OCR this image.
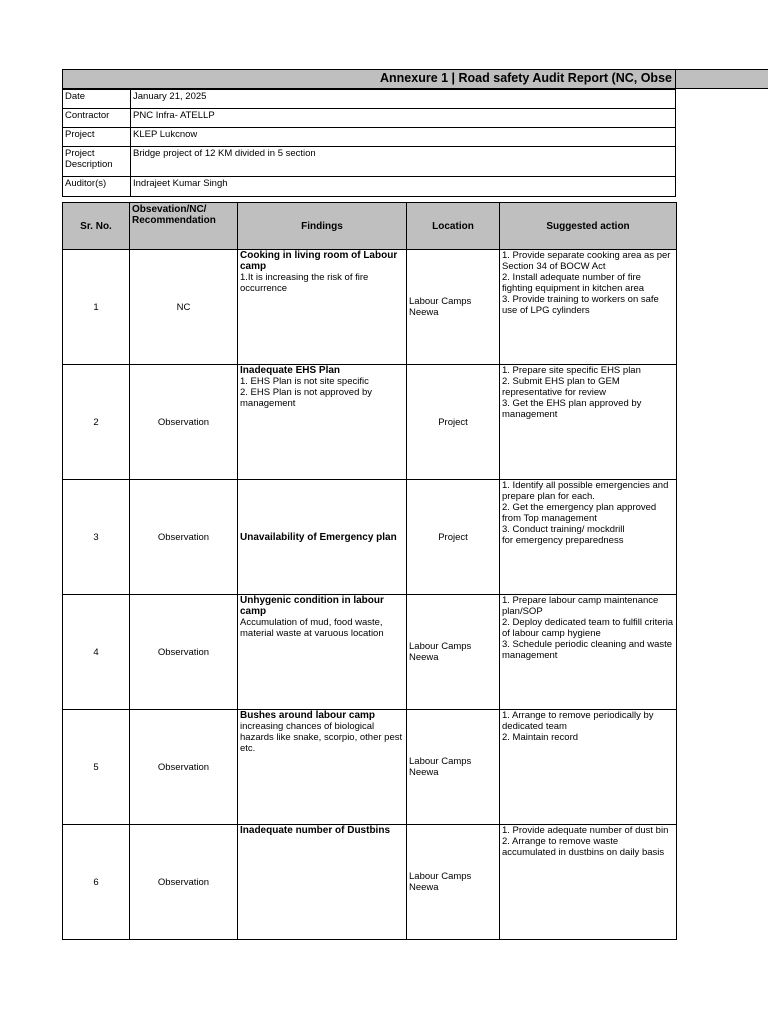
Annexure 1 | Road safety Audit Report (NC, Obse
Date	January 21, 2025
Contractor	PNC Infra- ATELLP
Project	KLEP Lukcnow
Project Description	Bridge project of 12 KM divided in 5 section
Auditor(s)	Indrajeet Kumar Singh
Sr. No.	Obsevation/NC/ Recommendation	Findings	Location	Suggested action
1	NC	Cooking in living room of Labour camp
1.It is increasing the risk of fire occurrence	Labour Camps Neewa	1. Provide separate cooking area as per Section 34 of BOCW Act
2. Install adequate number of fire fighting equipment in kitchen area
3. Provide training to workers on safe use of LPG cylinders

2	Observation	Inadequate EHS Plan
1. EHS Plan is not site specific
2. EHS Plan is not approved by management	Project	1. Prepare site specific EHS plan
2. Submit EHS plan to GEM representative for review
3. Get the EHS plan approved by management

3	Observation	Unavailability of Emergency plan	Project	1. Identify all possible emergencies and prepare plan for each.
2. Get the emergency plan approved from Top management
3. Conduct training/ mockdrill
for emergency preparedness

4	Observation	Unhygenic condition in labour camp
Accumulation of mud, food waste, material waste at varuous location	Labour Camps Neewa	1. Prepare labour camp maintenance plan/SOP
2. Deploy dedicated team to fulfill criteria of labour camp hygiene
3. Schedule periodic cleaning and waste management

5	Observation	Bushes around labour camp
increasing chances of biological hazards like snake, scorpio, other pest etc.	Labour Camps Neewa	1. Arrange to remove periodically by dedicated team
2. Maintain record

6	Observation	Inadequate number of Dustbins	Labour Camps Neewa	1. Provide adequate number of dust bin
2. Arrange to remove waste accumulated in dustbins on daily basis
